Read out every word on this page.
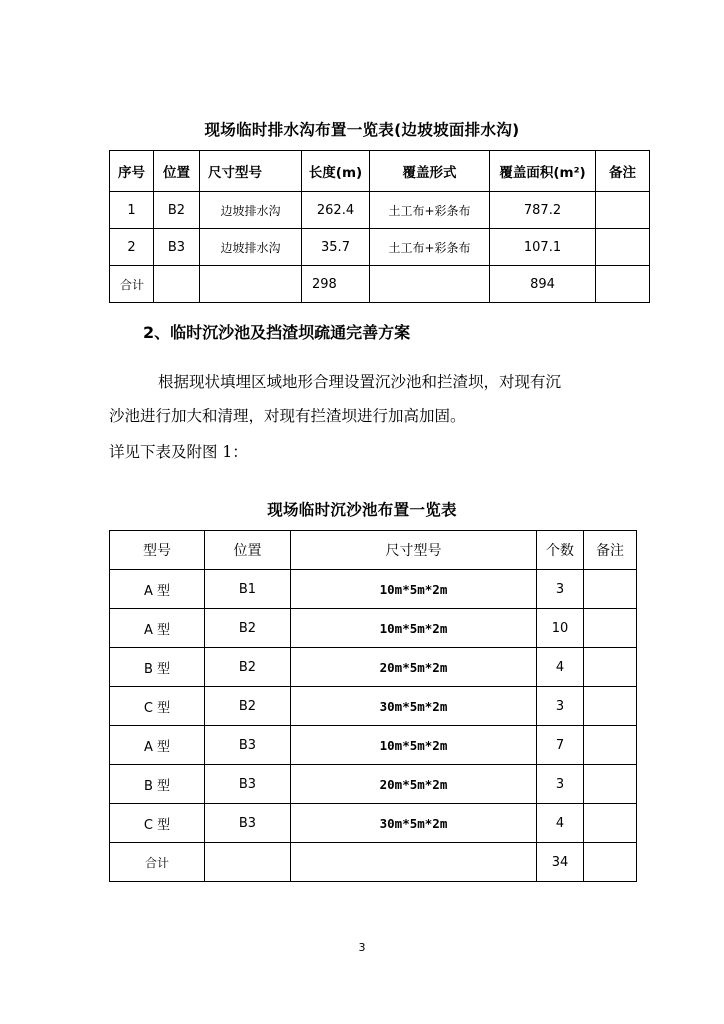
现场临时排水沟布置一览表(边坡坡面排水沟)
序号	位置	尺寸型号	长度(m)	覆盖形式	覆盖面积(m²)	备注
1	B2	边坡排水沟	262.4	土工布+彩条布	787.2	
2	B3	边坡排水沟	35.7	土工布+彩条布	107.1	
合计			298		894	
2、临时沉沙池及挡渣坝疏通完善方案
根据现状填埋区域地形合理设置沉沙池和拦渣坝，对现有沉
沙池进行加大和清理，对现有拦渣坝进行加高加固。
详见下表及附图 1：
现场临时沉沙池布置一览表
型号	位置	尺寸型号	个数	备注
A 型	B1	10m*5m*2m	3	
A 型	B2	10m*5m*2m	10	
B 型	B2	20m*5m*2m	4	
C 型	B2	30m*5m*2m	3	
A 型	B3	10m*5m*2m	7	
B 型	B3	20m*5m*2m	3	
C 型	B3	30m*5m*2m	4	
合计			34	
3
